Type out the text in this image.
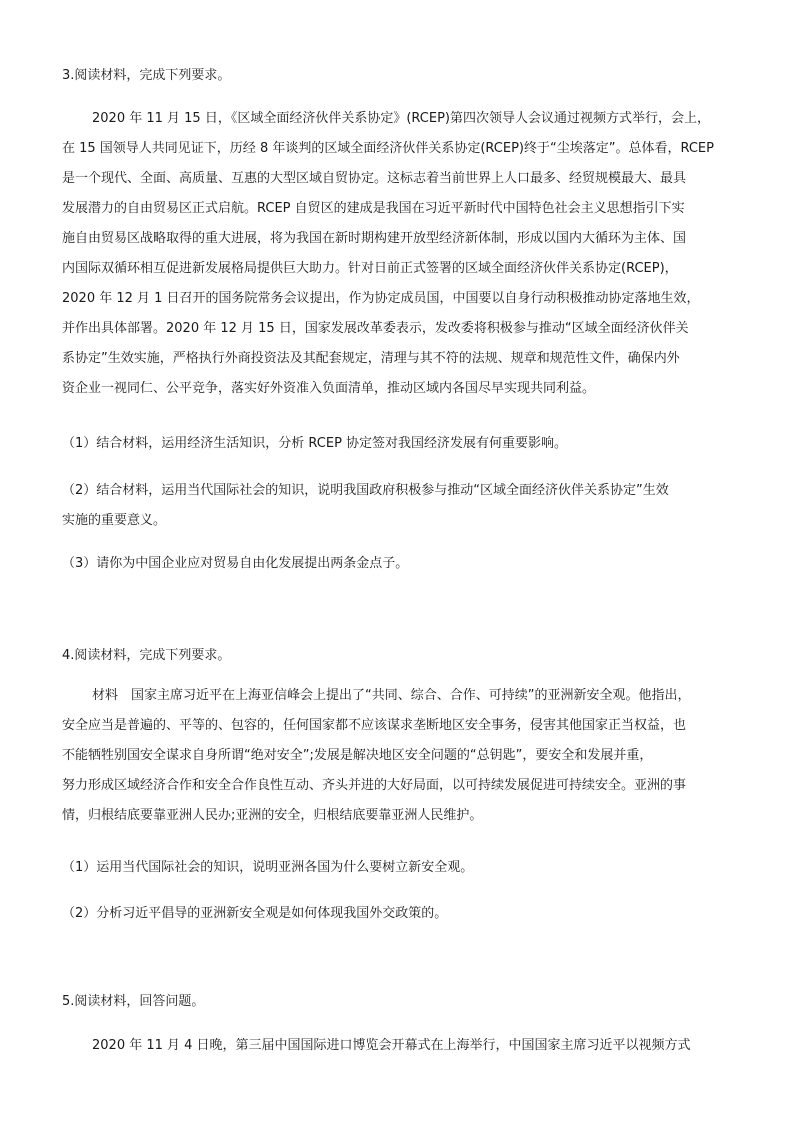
3.阅读材料，完成下列要求。
2020 年 11 月 15 日，《区域全面经济伙伴关系协定》(RCEP)第四次领导人会议通过视频方式举行，会上，
在 15 国领导人共同见证下，历经 8 年谈判的区域全面经济伙伴关系协定(RCEP)终于“尘埃落定”。总体看，RCEP
是一个现代、全面、高质量、互惠的大型区域自贸协定。这标志着当前世界上人口最多、经贸规模最大、最具
发展潜力的自由贸易区正式启航。RCEP 自贸区的建成是我国在习近平新时代中国特色社会主义思想指引下实
施自由贸易区战略取得的重大进展，将为我国在新时期构建开放型经济新体制，形成以国内大循环为主体、国
内国际双循环相互促进新发展格局提供巨大助力。针对日前正式签署的区域全面经济伙伴关系协定(RCEP)，
2020 年 12 月 1 日召开的国务院常务会议提出，作为协定成员国，中国要以自身行动积极推动协定落地生效，
并作出具体部署。2020 年 12 月 15 日，国家发展改革委表示，发改委将积极参与推动“区域全面经济伙伴关
系协定”生效实施，严格执行外商投资法及其配套规定，清理与其不符的法规、规章和规范性文件，确保内外
资企业一视同仁、公平竞争，落实好外资准入负面清单，推动区域内各国尽早实现共同利益。
（1）结合材料，运用经济生活知识，分析 RCEP 协定签对我国经济发展有何重要影响。
（2）结合材料，运用当代国际社会的知识，说明我国政府积极参与推动“区域全面经济伙伴关系协定”生效
实施的重要意义。
（3）请你为中国企业应对贸易自由化发展提出两条金点子。
4.阅读材料，完成下列要求。
材料　国家主席习近平在上海亚信峰会上提出了“共同、综合、合作、可持续”的亚洲新安全观。他指出，
安全应当是普遍的、平等的、包容的，任何国家都不应该谋求垄断地区安全事务，侵害其他国家正当权益，也
不能牺牲别国安全谋求自身所谓“绝对安全”;发展是解决地区安全问题的“总钥匙”，要安全和发展并重，
努力形成区域经济合作和安全合作良性互动、齐头并进的大好局面，以可持续发展促进可持续安全。亚洲的事
情，归根结底要靠亚洲人民办;亚洲的安全，归根结底要靠亚洲人民维护。
（1）运用当代国际社会的知识，说明亚洲各国为什么要树立新安全观。
（2）分析习近平倡导的亚洲新安全观是如何体现我国外交政策的。
5.阅读材料，回答问题。
2020 年 11 月 4 日晚，第三届中国国际进口博览会开幕式在上海举行，中国国家主席习近平以视频方式
